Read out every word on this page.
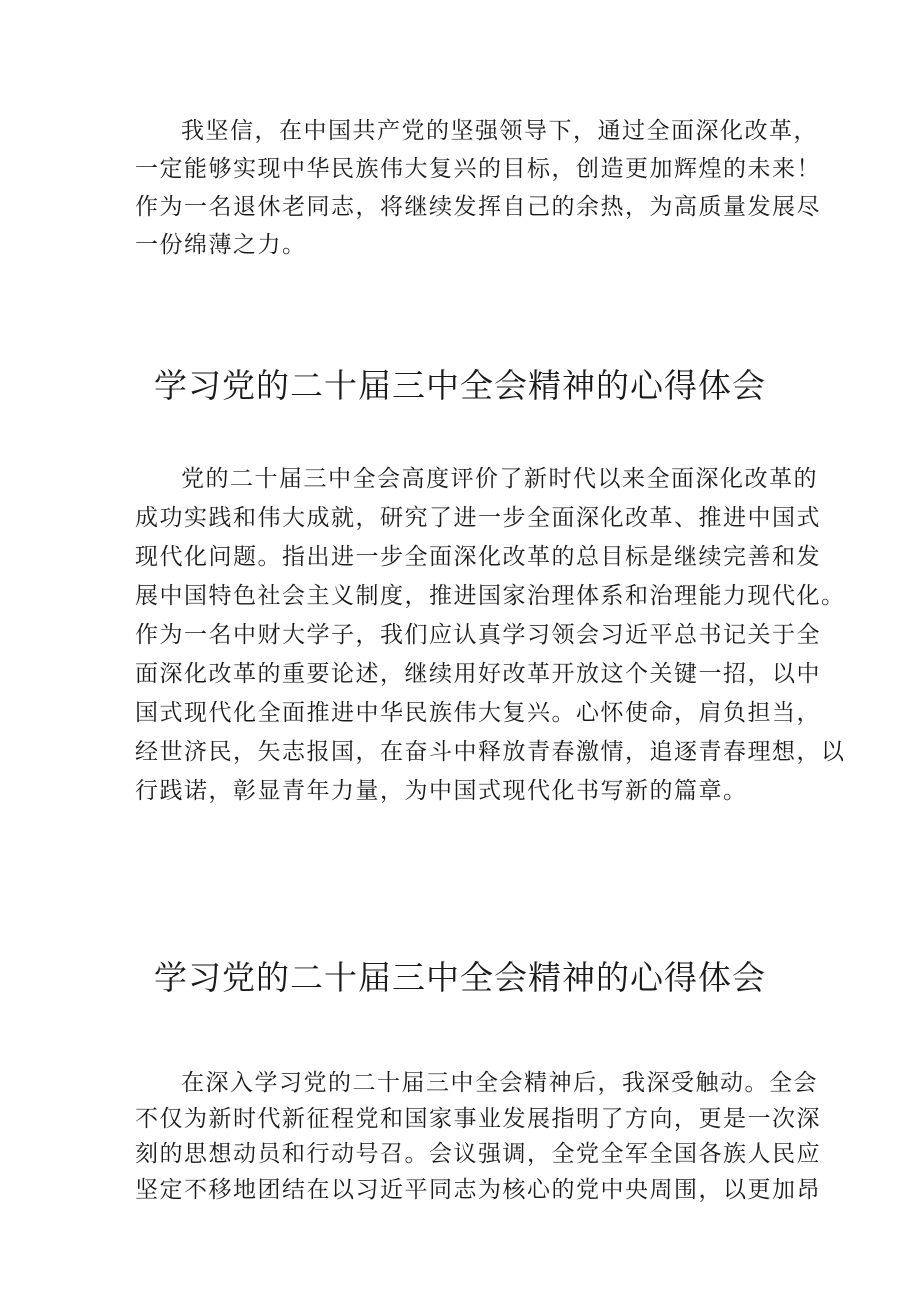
我坚信，在中国共产党的坚强领导下，通过全面深化改革，
一定能够实现中华民族伟大复兴的目标，创造更加辉煌的未来！
作为一名退休老同志，将继续发挥自己的余热，为高质量发展尽
一份绵薄之力。
学习党的二十届三中全会精神的心得体会
党的二十届三中全会高度评价了新时代以来全面深化改革的
成功实践和伟大成就，研究了进一步全面深化改革、推进中国式
现代化问题。指出进一步全面深化改革的总目标是继续完善和发
展中国特色社会主义制度，推进国家治理体系和治理能力现代化。
作为一名中财大学子，我们应认真学习领会习近平总书记关于全
面深化改革的重要论述，继续用好改革开放这个关键一招，以中
国式现代化全面推进中华民族伟大复兴。心怀使命，肩负担当，
经世济民，矢志报国，在奋斗中释放青春激情，追逐青春理想，以
行践诺，彰显青年力量，为中国式现代化书写新的篇章。
学习党的二十届三中全会精神的心得体会
在深入学习党的二十届三中全会精神后，我深受触动。全会
不仅为新时代新征程党和国家事业发展指明了方向，更是一次深
刻的思想动员和行动号召。会议强调，全党全军全国各族人民应
坚定不移地团结在以习近平同志为核心的党中央周围，以更加昂
